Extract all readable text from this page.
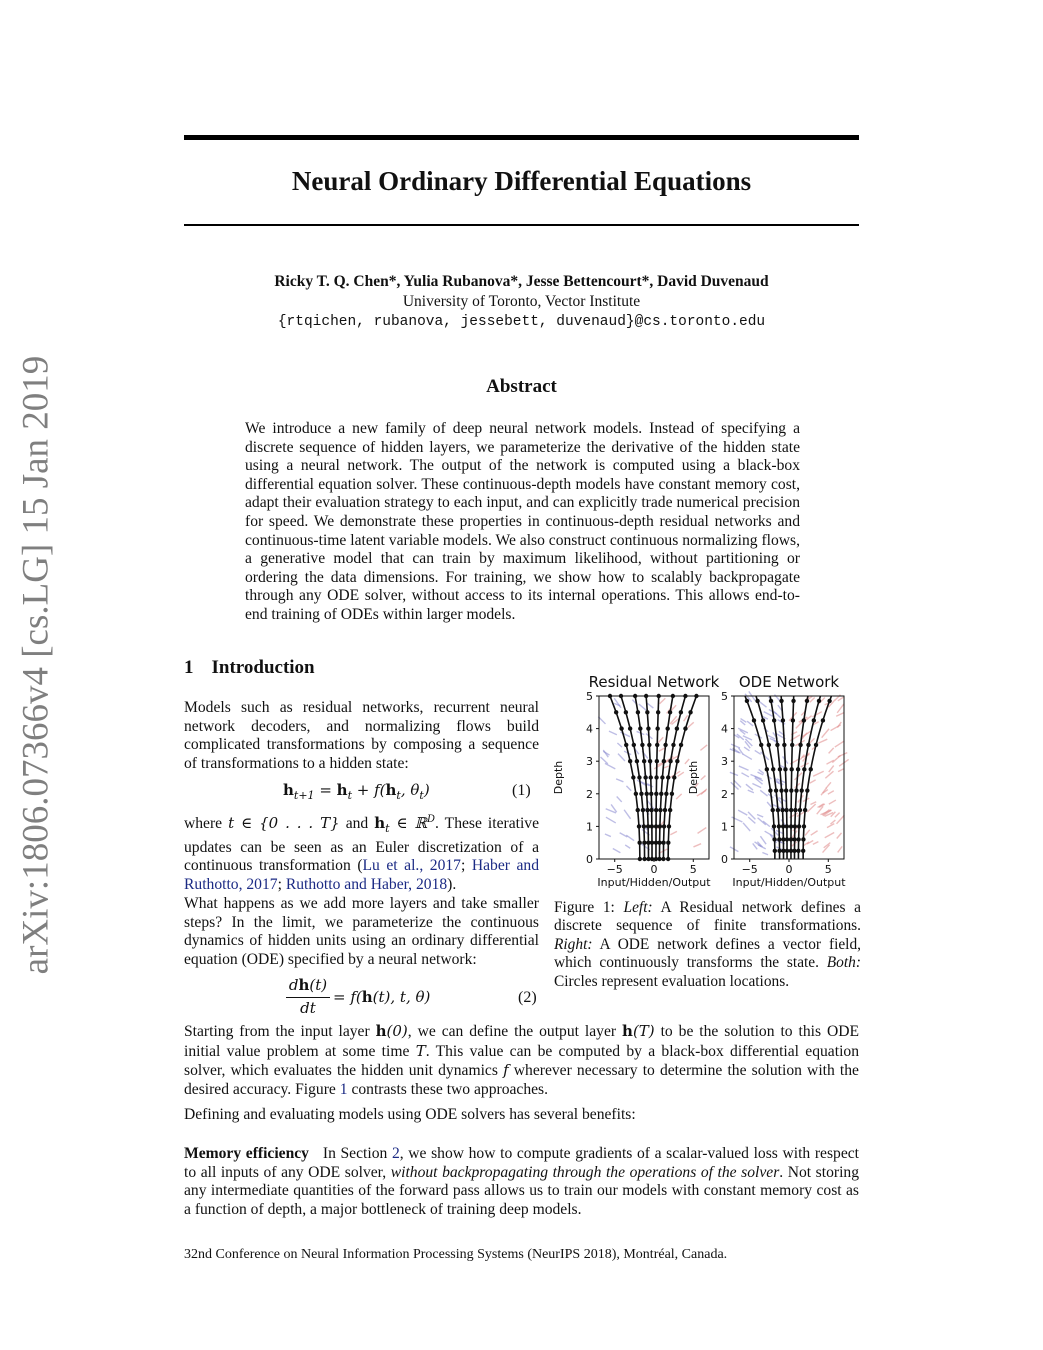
Neural Ordinary Differential Equations
Ricky T. Q. Chen*, Yulia Rubanova*, Jesse Bettencourt*, David Duvenaud
University of Toronto, Vector Institute
{rtqichen, rubanova, jessebett, duvenaud}@cs.toronto.edu
arXiv:1806.07366v4 [cs.LG] 15 Jan 2019	Abstract
We introduce a new family of deep neural network models. Instead of specifying a discrete sequence of hidden layers, we parameterize the derivative of the hidden state using a neural network. The output of the network is computed using a black-box differential equation solver. These continuous-depth models have constant memory cost, adapt their evaluation strategy to each input, and can explicitly trade numerical precision for speed. We demonstrate these properties in continuous-depth residual networks and continuous-time latent variable models. We also construct continuous normalizing flows, a generative model that can train by maximum likelihood, without partitioning or ordering the data dimensions. For training, we show how to scalably backpropagate through any ODE solver, without access to its internal operations. This allows end-to-end training of ODEs within larger models.
1 Introduction
Models such as residual networks, recurrent neural network decoders, and normalizing flows build complicated transformations by composing a sequence of transformations to a hidden state:
$h_{t+1} = h_t + f(h_t$, $\theta_t$)	(1)
where t ∈ {0 . . . T} and $h_t$ ∈ ℝ$^D$. These iterative updates can be seen as an Euler discretization of a continuous transformation (Lu et al., 2017; Haber and Ruthotto, 2017; Ruthotto and Haber, 2018).
What happens as we add more layers and take smaller steps? In the limit, we parameterize the continuous dynamics of hidden units using an ordinary differential equation (ODE) specified by a neural network:
dh(t)
dt
= f(h(t), t, θ)	(2)
Residual Network
−5	0	5
0
1
2
3
4
5
Depth
Input/Hidden/Output
ODE Network
−5	0	5
0
1
2
3
4
5
Depth
Input/Hidden/Output
Figure 1: Left: A Residual network defines a discrete sequence of finite transformations. Right: A ODE network defines a vector field, which continuously transforms the state. Both: Circles represent evaluation locations.
Starting from the input layer h(0), we can define the output layer h(T) to be the solution to this ODE initial value problem at some time T. This value can be computed by a black-box differential equation solver, which evaluates the hidden unit dynamics f wherever necessary to determine the solution with the desired accuracy. Figure 1 contrasts these two approaches.
Defining and evaluating models using ODE solvers has several benefits:
Memory efficiency In Section 2, we show how to compute gradients of a scalar-valued loss with respect to all inputs of any ODE solver, without backpropagating through the operations of the solver. Not storing any intermediate quantities of the forward pass allows us to train our models with constant memory cost as a function of depth, a major bottleneck of training deep models.
32nd Conference on Neural Information Processing Systems (NeurIPS 2018), Montréal, Canada.
